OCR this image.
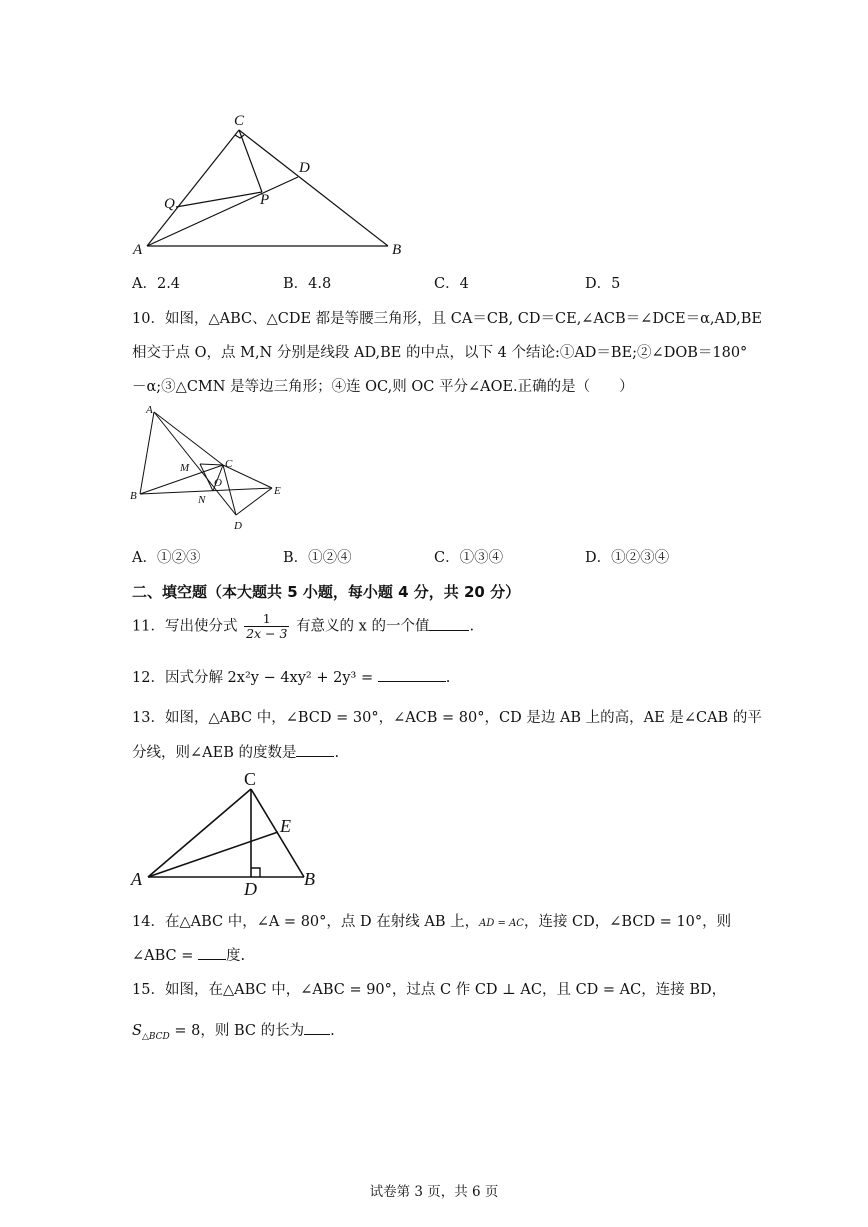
C
D
Q	P
A	B
A．2.4	B．4.8	C．4	D．5
10．如图，△ABC、△CDE 都是等腰三角形，且 CA＝CB, CD＝CE,∠ACB＝∠DCE＝α,AD,BE
相交于点 O，点 M,N 分别是线段 AD,BE 的中点，以下 4 个结论:①AD＝BE;②∠DOB＝180°
－α;③△CMN 是等边三角形；④连 OC,则 OC 平分∠AOE.正确的是（　　）
A
M	C
O
B	N
E
D
A．①②③	B．①②④	C．①③④	D．①②③④
二、填空题（本大题共 5 小题，每小题 4 分，共 20 分）
11．写出使分式 $\frac{1}{2x - 3}$ 有意义的 x 的一个值	.
12．因式分解 2x²y − 4xy² + 2y³ =	.
13．如图，△ABC 中，∠BCD = 30°，∠ACB = 80°，CD 是边 AB 上的高，AE 是∠CAB 的平
分线，则∠AEB 的度数是	.
C
E
A	D	B
14．在△ABC 中，∠A = 80°，点 D 在射线 AB 上，AD = AC，连接 CD，∠BCD = 10°，则
∠ABC = 度.
15．如图，在△ABC 中，∠ABC = 90°，过点 C 作 CD ⊥ AC，且 CD = AC，连接 BD，
$S_{\triangle BCD} = 8$，则 BC 的长为 .
试卷第 3 页，共 6 页
